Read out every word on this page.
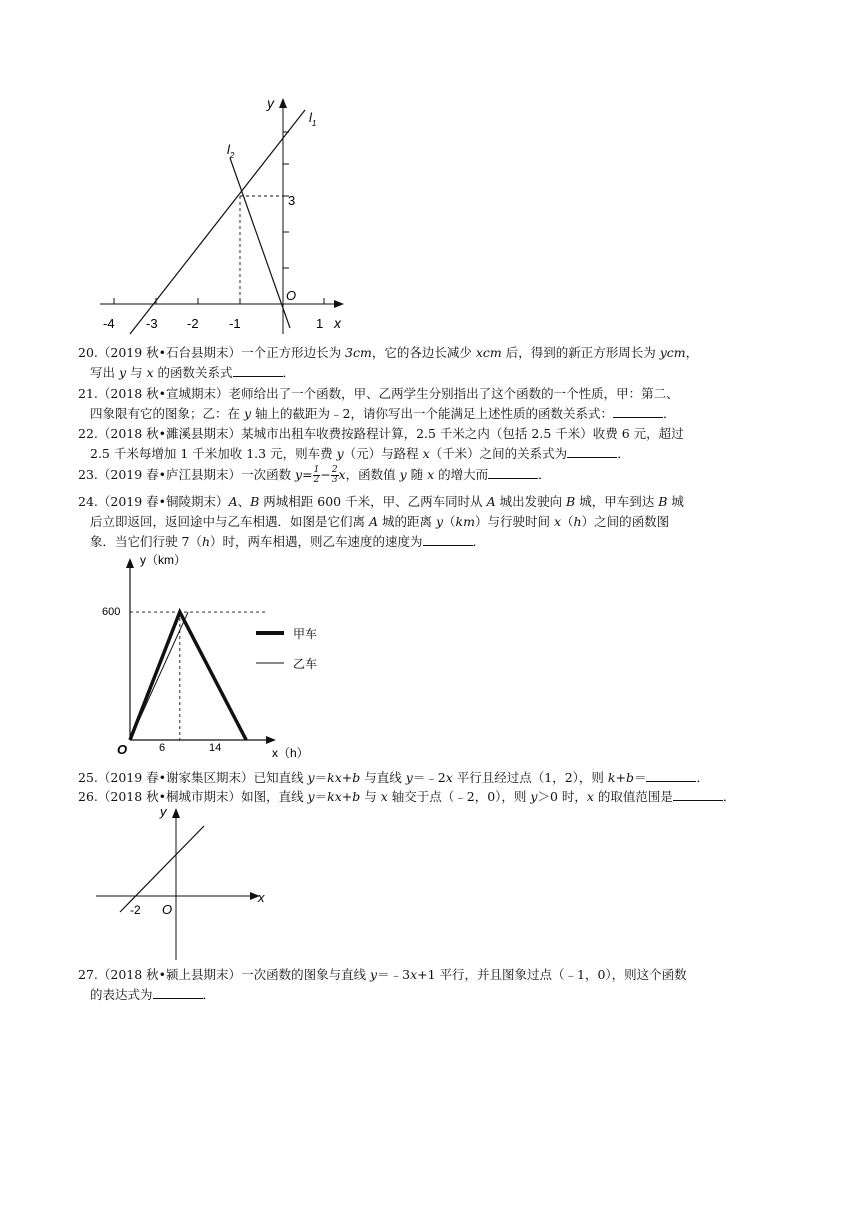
y
x
O
$l_1$
$l_2$
3
-4 -3 -2 -1	1

20.（2019 秋•石台县期末）一个正方形边长为 3cm，它的各边长减少 xcm 后，得到的新正方形周长为 ycm，

写出 y 与 x 的函数关系式	．

21.（2018 秋•宣城期末）老师给出了一个函数，甲、乙两学生分别指出了这个函数的一个性质，甲：第二、

四象限有它的图象；乙：在 y 轴上的截距为﹣2，请你写出一个能满足上述性质的函数关系式：	．

22.（2018 秋•濉溪县期末）某城市出租车收费按路程计算，2.5 千米之内（包括 2.5 千米）收费 6 元，超过

2.5 千米每增加 1 千米加收 1.3 元，则车费 y（元）与路程 x（千米）之间的关系式为	．

23.（2019 春•庐江县期末）一次函数 $y= \frac{1}{2} - \frac{2}{3}$ x，函数值 y 随 x 的增大而	．

24.（2019 春•铜陵期末）A、B 两城相距 600 千米，甲、乙两车同时从 A 城出发驶向 B 城，甲车到达 B 城

后立即返回，返回途中与乙车相遇．如图是它们离 A 城的距离 y（km）与行驶时间 x（h）之间的函数图

象．当它们行驶 7（h）时，两车相遇，则乙车速度的速度为	．

y（km）
x（h）
O
600
6	14
甲车
乙车

25.（2019 春•谢家集区期末）已知直线 y＝kx+b 与直线 y＝﹣2x 平行且经过点（1，2），则 k+b＝	．

26.（2018 秋•桐城市期末）如图，直线 y＝kx+b 与 x 轴交于点（﹣2，0），则 y＞0 时，x 的取值范围是	．

y
x
O
-2

27.（2018 秋•颍上县期末）一次函数的图象与直线 y＝﹣3x+1 平行，并且图象过点（﹣1，0），则这个函数

的表达式为	．
